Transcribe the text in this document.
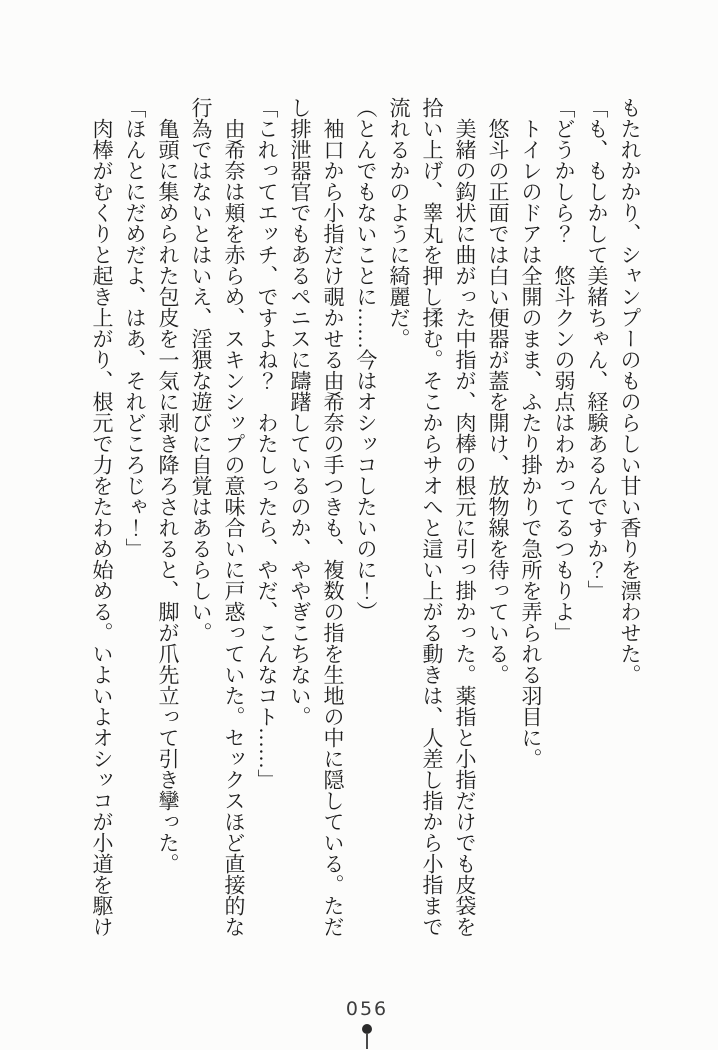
もたれかかり、シャンプーのものらしい甘い香りを漂わせた。

「も、もしかして美緒ちゃん、経験あるんですか？」

「どうかしら？　悠斗クンの弱点はわかってるつもりよ」

トイレのドアは全開のまま、ふたり掛かりで急所を弄られる羽目に。

悠斗の正面では白い便器が蓋を開け、放物線を待っている。

美緒の鈎状に曲がった中指が、肉棒の根元に引っ掛かった。薬指と小指だけでも皮袋を拾い上げ、睾丸を押し揉む。そこからサオへと這い上がる動きは、人差し指から小指まで流れるかのように綺麗だ。

（とんでもないことに……今はオシッコしたいのに！）

袖口から小指だけ覗かせる由希奈の手つきも、複数の指を生地の中に隠している。ただし排泄器官でもあるペニスに躊躇しているのか、ややぎこちない。

「これってエッチ、ですよね？　わたしったら、やだ、こんなコト……」

由希奈は頬を赤らめ、スキンシップの意味合いに戸惑っていた。セックスほど直接的な行為ではないとはいえ、淫猥な遊びに自覚はあるらしい。

亀頭に集められた包皮を一気に剥き降ろされると、脚が爪先立って引き攣った。

「ほんとにだめだよ、はあ、それどころじゃ！」

肉棒がむくりと起き上がり、根元で力をたわめ始める。いよいよオシッコが小道を駆け

056
